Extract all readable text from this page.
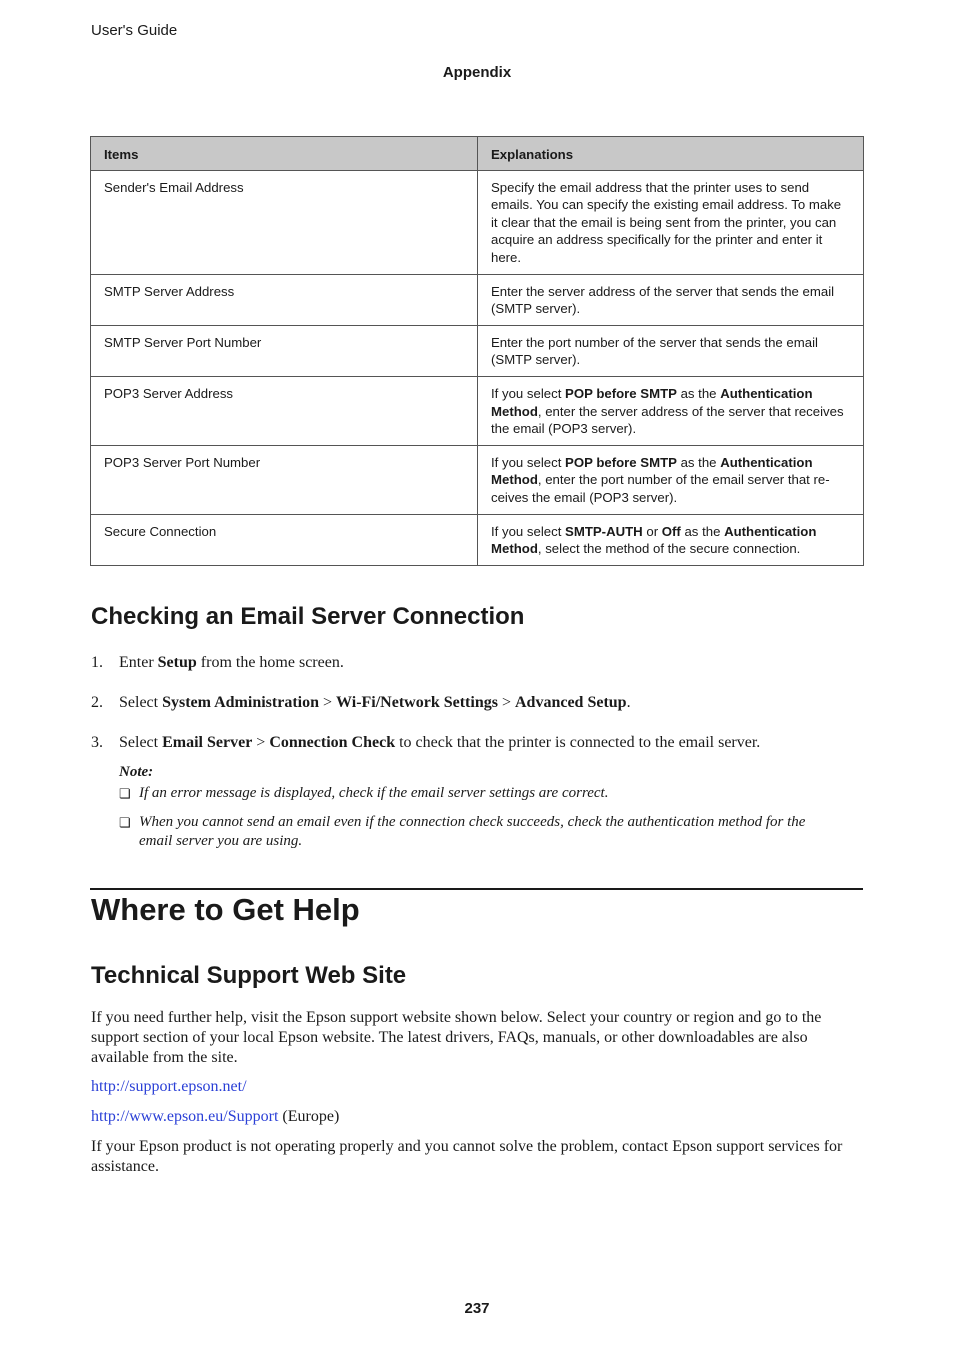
User's Guide
Appendix
Items	Explanations
Sender's Email Address	Specify the email address that the printer uses to send emails. You can specify the existing email address. To make it clear that the email is being sent from the printer, you can acquire an address specifically for the printer and enter it here.
SMTP Server Address	Enter the server address of the server that sends the email (SMTP server).
SMTP Server Port Number	Enter the port number of the server that sends the email (SMTP server).
POP3 Server Address	If you select POP before SMTP as the Authentication Method, enter the server address of the server that receives the email (POP3 server).
POP3 Server Port Number	If you select POP before SMTP as the Authentication Method, enter the port number of the email server that re- ceives the email (POP3 server).
Secure Connection	If you select SMTP-AUTH or Off as the Authentication Method, select the method of the secure connection.
Checking an Email Server Connection
1. Enter Setup from the home screen.
2. Select System Administration > Wi-Fi/Network Settings > Advanced Setup.
3. Select Email Server > Connection Check to check that the printer is connected to the email server.
Note:
❏ If an error message is displayed, check if the email server settings are correct.
❏ When you cannot send an email even if the connection check succeeds, check the authentication method for the email server you are using.
Where to Get Help
Technical Support Web Site
If you need further help, visit the Epson support website shown below. Select your country or region and go to the support section of your local Epson website. The latest drivers, FAQs, manuals, or other downloadables are also available from the site.
http://support.epson.net/
http://www.epson.eu/Support (Europe)
If your Epson product is not operating properly and you cannot solve the problem, contact Epson support services for assistance.
237
